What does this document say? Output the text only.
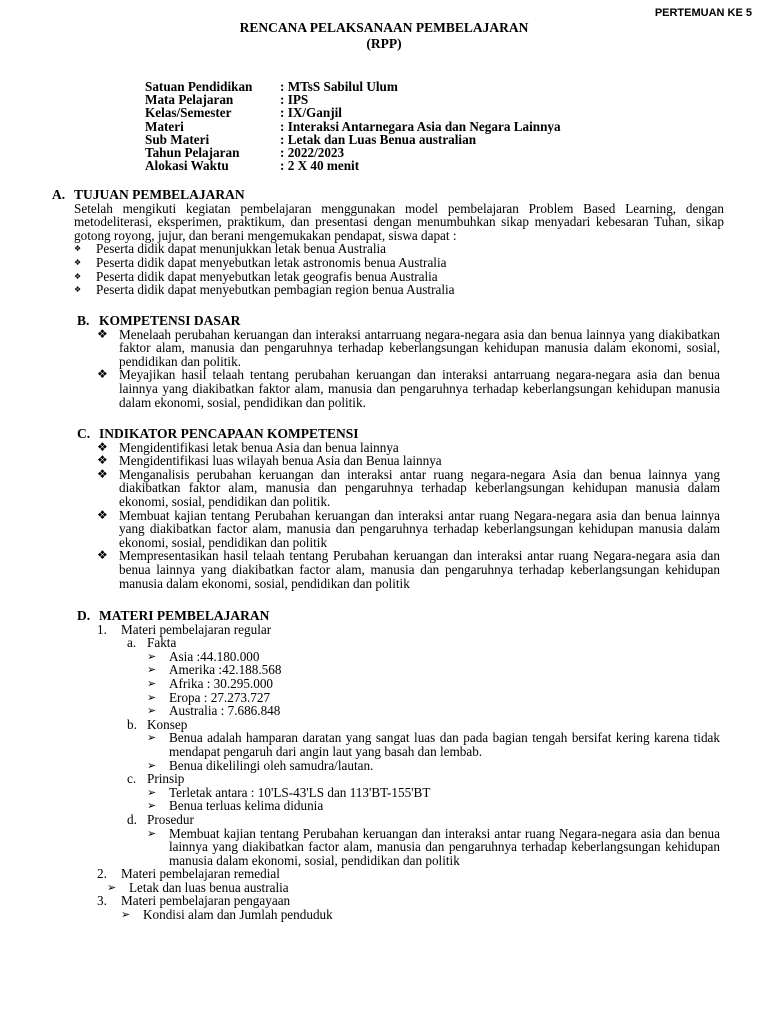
PERTEMUAN KE 5
RENCANA PELAKSANAAN PEMBELAJARAN
(RPP)
Satuan Pendidikan	: MTsS Sabilul Ulum
Mata Pelajaran	: IPS
Kelas/Semester	: IX/Ganjil
Materi	: Interaksi Antarnegara Asia dan Negara Lainnya
Sub Materi	: Letak dan Luas Benua australian
Tahun Pelajaran	: 2022/2023
Alokasi Waktu	: 2 X 40 menit
A. TUJUAN PEMBELAJARAN
Setelah mengikuti kegiatan pembelajaran menggunakan model pembelajaran Problem Based Learning, dengan metodeliterasi, eksperimen, praktikum, dan presentasi dengan menumbuhkan sikap menyadari kebesaran Tuhan, sikap gotong royong, jujur, dan berani mengemukakan pendapat, siswa dapat :
❖	Peserta didik dapat menunjukkan letak benua Australia
❖	Peserta didik dapat menyebutkan letak astronomis benua Australia
❖	Peserta didik dapat menyebutkan letak geografis benua Australia
❖	Peserta didik dapat menyebutkan pembagian region benua Australia
B. KOMPETENSI DASAR
❖ Menelaah perubahan keruangan dan interaksi antarruang negara-negara asia dan benua lainnya yang diakibatkan faktor alam, manusia dan pengaruhnya terhadap keberlangsungan kehidupan manusia dalam ekonomi, sosial, pendidikan dan politik.
❖ Meyajikan hasil telaah tentang perubahan keruangan dan interaksi antarruang negara-negara asia dan benua lainnya yang diakibatkan faktor alam, manusia dan pengaruhnya terhadap keberlangsungan kehidupan manusia dalam ekonomi, sosial, pendidikan dan politik.
C. INDIKATOR PENCAPAAN KOMPETENSI
❖ Mengidentifikasi letak benua Asia dan benua lainnya
❖ Mengidentifikasi luas wilayah benua Asia dan Benua lainnya
❖ Menganalisis perubahan keruangan dan interaksi antar ruang negara-negara Asia dan benua lainnya yang diakibatkan faktor alam, manusia dan pengaruhnya terhadap keberlangsungan kehidupan manusia dalam ekonomi, sosial, pendidikan dan politik.
❖ Membuat kajian tentang Perubahan keruangan dan interaksi antar ruang Negara-negara asia dan benua lainnya yang diakibatkan factor alam, manusia dan pengaruhnya terhadap keberlangsungan kehidupan manusia dalam ekonomi, sosial, pendidikan dan politik
❖ Mempresentasikan hasil telaah tentang Perubahan keruangan dan interaksi antar ruang Negara-negara asia dan benua lainnya yang diakibatkan factor alam, manusia dan pengaruhnya terhadap keberlangsungan kehidupan manusia dalam ekonomi, sosial, pendidikan dan politik
D. MATERI PEMBELAJARAN
1.	Materi pembelajaran regular
a. Fakta
➢ Asia :44.180.000
➢ Amerika :42.188.568
➢ Afrika : 30.295.000
➢ Eropa : 27.273.727
➢ Australia : 7.686.848
b. Konsep
➢ Benua adalah hamparan daratan yang sangat luas dan pada bagian tengah bersifat kering karena tidak mendapat pengaruh dari angin laut yang basah dan lembab.
➢ Benua dikelilingi oleh samudra/lautan.
c. Prinsip
➢ Terletak antara : 10'LS-43'LS dan 113'BT-155'BT
➢ Benua terluas kelima didunia
d. Prosedur
➢ Membuat kajian tentang Perubahan keruangan dan interaksi antar ruang Negara-negara asia dan benua lainnya yang diakibatkan factor alam, manusia dan pengaruhnya terhadap keberlangsungan kehidupan manusia dalam ekonomi, sosial, pendidikan dan politik
2.	Materi pembelajaran remedial
➢ Letak dan luas benua australia
3.	Materi pembelajaran pengayaan
➢ Kondisi alam dan Jumlah penduduk
